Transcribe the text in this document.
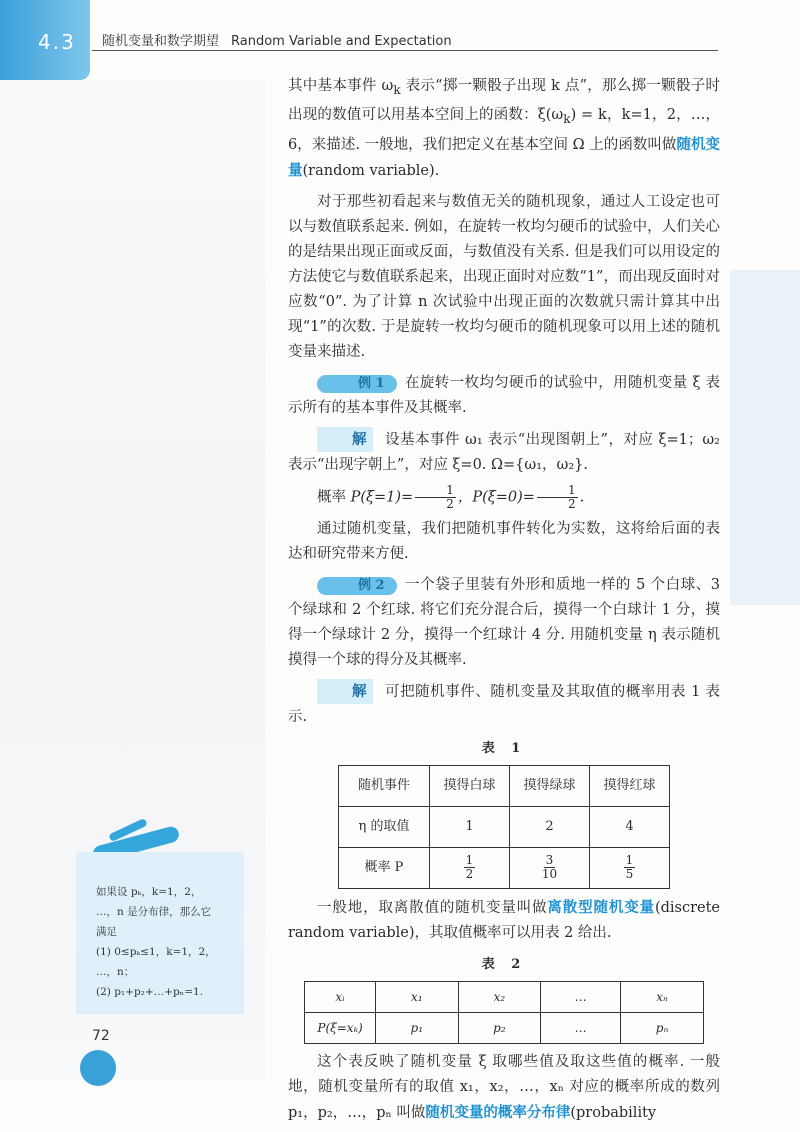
4.3 随机变量和数学期望 Random Variable and Expectation

其中基本事件 $\omega_k$ 表示“掷一颗骰子出现 k 点”，那么掷一颗骰子时出现的数值可以用基本空间上的函数：$\xi(\omega_k) = k$，k=1，2，…，6，来描述. 一般地，我们把定义在基本空间 Ω 上的函数叫做随机变量(random variable).

对于那些初看起来与数值无关的随机现象，通过人工设定也可以与数值联系起来. 例如，在旋转一枚均匀硬币的试验中，人们关心的是结果出现正面或反面，与数值没有关系. 但是我们可以用设定的方法使它与数值联系起来，出现正面时对应数“1”，而出现反面时对应数“0”. 为了计算 n 次试验中出现正面的次数就只需计算其中出现“1”的次数. 于是旋转一枚均匀硬币的随机现象可以用上述的随机变量来描述.

例 1 在旋转一枚均匀硬币的试验中，用随机变量 ξ 表示所有的基本事件及其概率.

解 设基本事件 ω₁ 表示“出现图朝上”，对应 ξ=1；ω₂ 表示“出现字朝上”，对应 ξ=0. Ω={ω₁，ω₂}.

概率 $P(\xi=1)= \frac{1}{2}$ ，$P(\xi=0)= \frac{1}{2}$ .

通过随机变量，我们把随机事件转化为实数，这将给后面的表达和研究带来方便.

例 2 一个袋子里装有外形和质地一样的 5 个白球、3 个绿球和 2 个红球. 将它们充分混合后，摸得一个白球计 1 分，摸得一个绿球计 2 分，摸得一个红球计 4 分. 用随机变量 η 表示随机摸得一个球的得分及其概率.

解 可把随机事件、随机变量及其取值的概率用表 1 表示.

表 1
随机事件	摸得白球	摸得绿球	摸得红球
η 的取值	1	2	4
概率 P	$\frac{1}{2}$	$\frac{3}{10}$	$\frac{1}{5}$

一般地，取离散值的随机变量叫做离散型随机变量(discrete random variable)，其取值概率可以用表 2 给出.

表 2
xᵢ	x₁	x₂	…	xₙ
P(ξ=xₖ)	p₁	p₂	…	pₙ

这个表反映了随机变量 ξ 取哪些值及取这些值的概率. 一般地，随机变量所有的取值 x₁，x₂，…，xₙ 对应的概率所成的数列 p₁，p₂，…，pₙ 叫做随机变量的概率分布律(probability

如果设 pₖ，k=1，2，
…，n 是分布律，那么它
满足
(1) 0≤pₖ≤1，k=1，2，
…，n；
(2) p₁+p₂+…+pₙ=1.
72
